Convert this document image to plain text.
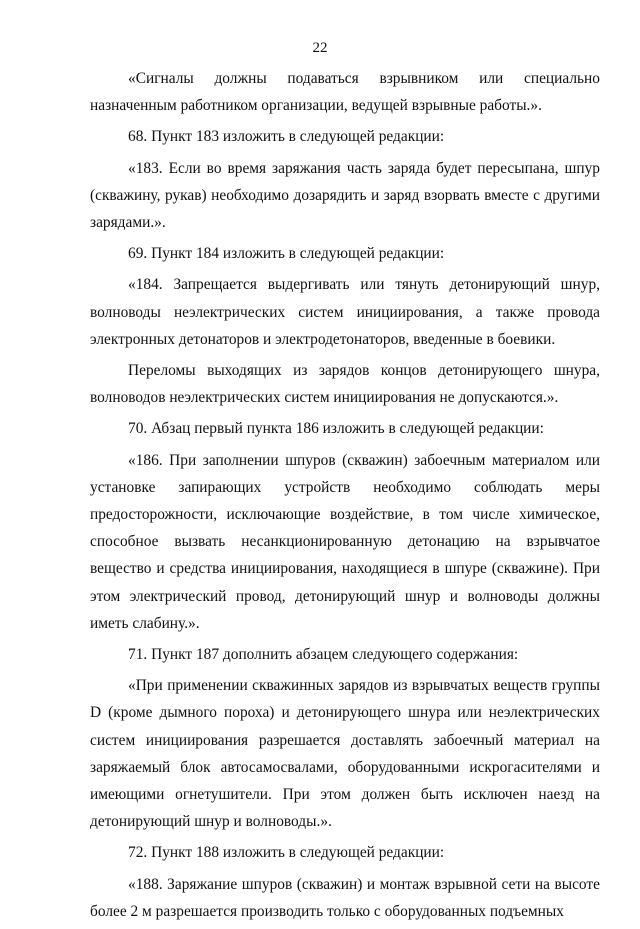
22

«Сигналы должны подаваться взрывником или специально назначенным работником организации, ведущей взрывные работы.».

68. Пункт 183 изложить в следующей редакции:

«183. Если во время заряжания часть заряда будет пересыпана, шпур (скважину, рукав) необходимо дозарядить и заряд взорвать вместе с другими зарядами.».

69. Пункт 184 изложить в следующей редакции:

«184. Запрещается выдергивать или тянуть детонирующий шнур, волноводы неэлектрических систем инициирования, а также провода электронных детонаторов и электродетонаторов, введенные в боевики.

Переломы выходящих из зарядов концов детонирующего шнура, волноводов неэлектрических систем инициирования не допускаются.».

70. Абзац первый пункта 186 изложить в следующей редакции:

«186. При заполнении шпуров (скважин) забоечным материалом или установке запирающих устройств необходимо соблюдать меры предосторожности, исключающие воздействие, в том числе химическое, способное вызвать несанкционированную детонацию на взрывчатое вещество и средства инициирования, находящиеся в шпуре (скважине). При этом электрический провод, детонирующий шнур и волноводы должны иметь слабину.».

71. Пункт 187 дополнить абзацем следующего содержания:

«При применении скважинных зарядов из взрывчатых веществ группы D (кроме дымного пороха) и детонирующего шнура или неэлектрических систем инициирования разрешается доставлять забоечный материал на заряжаемый блок автосамосвалами, оборудованными искрогасителями и имеющими огнетушители. При этом должен быть исключен наезд на детонирующий шнур и волноводы.».

72. Пункт 188 изложить в следующей редакции:

«188. Заряжание шпуров (скважин) и монтаж взрывной сети на высоте более 2 м разрешается производить только с оборудованных подъемных
